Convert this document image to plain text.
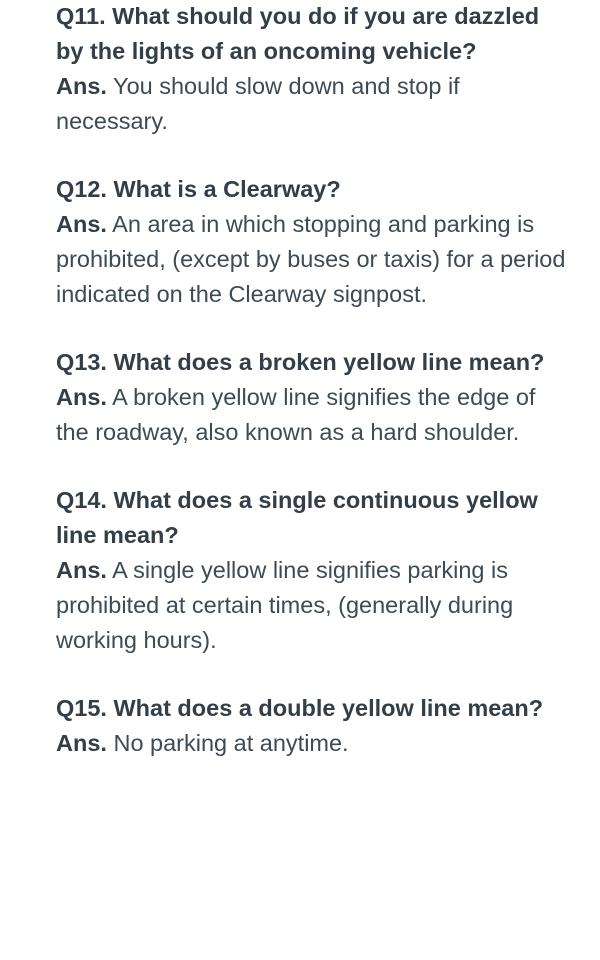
Q11. What should you do if you are dazzled by the lights of an oncoming vehicle?

Ans. You should slow down and stop if necessary.

Q12. What is a Clearway?

Ans. An area in which stopping and parking is prohibited, (except by buses or taxis) for a period indicated on the Clearway signpost.

Q13. What does a broken yellow line mean?

Ans. A broken yellow line signifies the edge of the roadway, also known as a hard shoulder.

Q14. What does a single continuous yellow line mean?

Ans. A single yellow line signifies parking is prohibited at certain times, (generally during working hours).

Q15. What does a double yellow line mean?

Ans. No parking at anytime.
